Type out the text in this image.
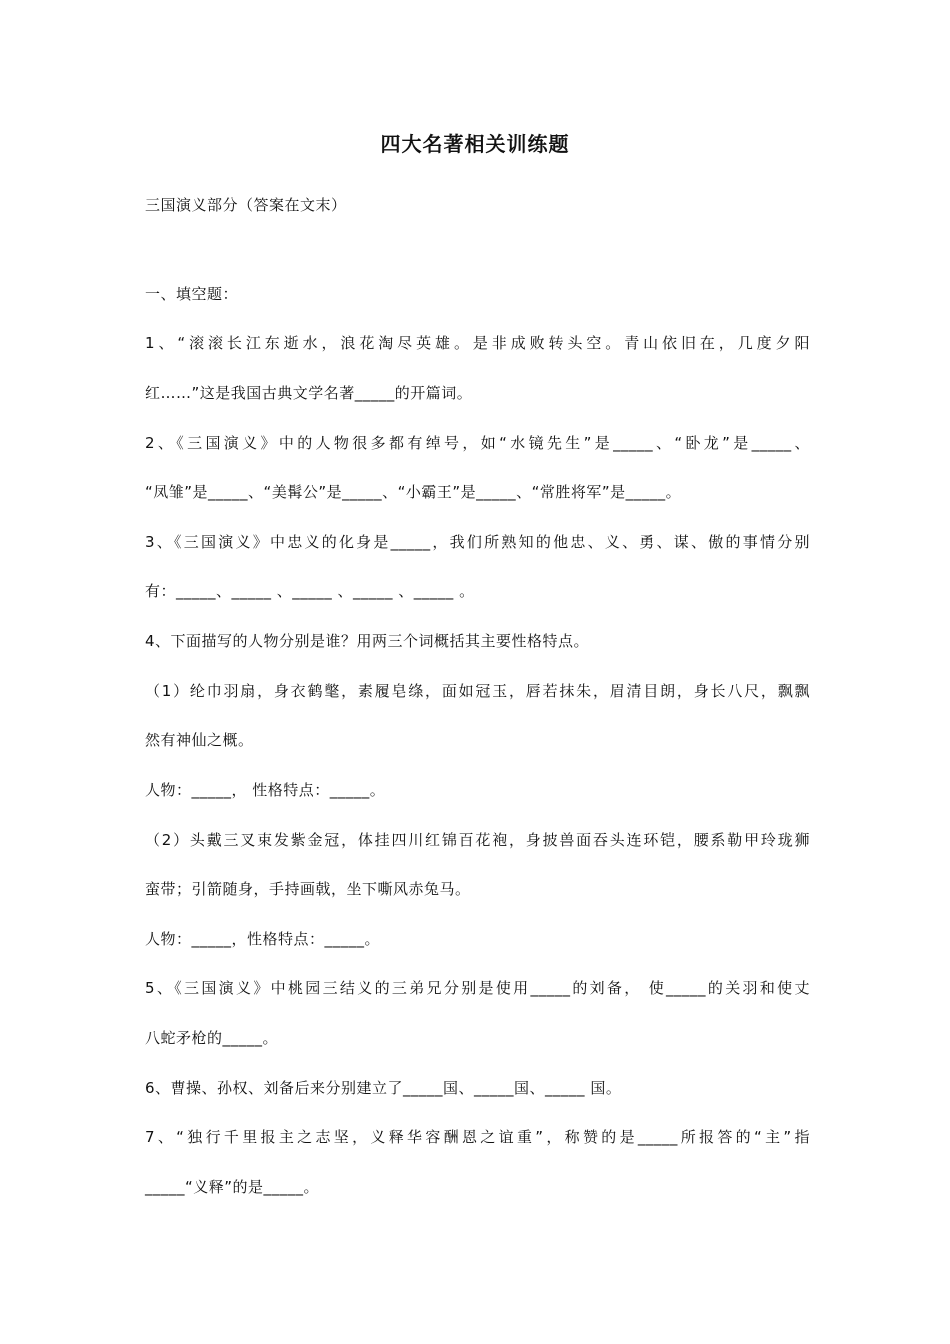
四大名著相关训练题
三国演义部分（答案在文末）
一、填空题：
1、“滚滚长江东逝水，浪花淘尽英雄。是非成败转头空。青山依旧在，几度夕阳
红……”这是我国古典文学名著_____的开篇词。
2、《三国演义》中的人物很多都有绰号，如“水镜先生”是_____、“卧龙”是_____、
“凤雏”是_____、“美髯公”是_____、“小霸王”是_____、“常胜将军”是_____。
3、《三国演义》中忠义的化身是_____，我们所熟知的他忠、义、勇、谋、傲的事情分别
有：_____、_____ 、_____ 、_____ 、_____ 。
4、下面描写的人物分别是谁？用两三个词概括其主要性格特点。
（1）纶巾羽扇，身衣鹤氅，素履皂绦，面如冠玉，唇若抹朱，眉清目朗，身长八尺，飘飘
然有神仙之概。
人物：_____， 性格特点：_____。
（2）头戴三叉束发紫金冠，体挂四川红锦百花袍，身披兽面吞头连环铠，腰系勒甲玲珑狮
蛮带；引箭随身，手持画戟，坐下嘶风赤兔马。
人物：_____，性格特点：_____。
5、《三国演义》中桃园三结义的三弟兄分别是使用_____的刘备， 使_____的关羽和使丈
八蛇矛枪的_____。
6、曹操、孙权、刘备后来分别建立了_____国、_____国、_____ 国。
7、“独行千里报主之志坚，义释华容酬恩之谊重”，称赞的是_____所报答的“主”指
_____“义释”的是_____。
